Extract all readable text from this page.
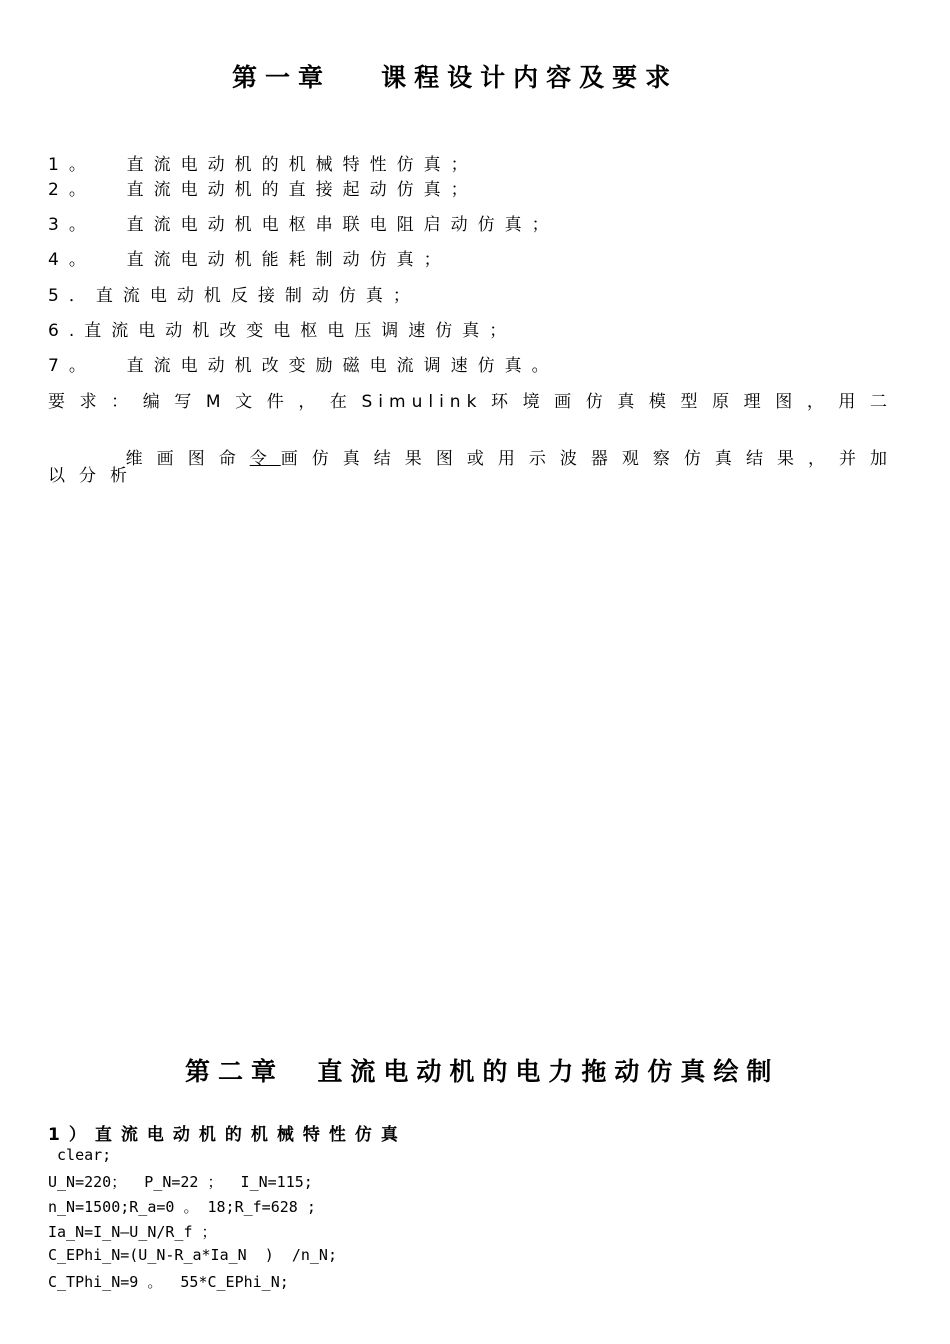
第一章   课程设计内容及要求
1。  直流电动机的机械特性仿真；
2。  直流电动机的直接起动仿真；
3。  直流电动机电枢串联电阻启动仿真；
4。  直流电动机能耗制动仿真；
5．直流电动机反接制动仿真；
6.直流电动机改变电枢电压调速仿真；
7。  直流电动机改变励磁电流调速仿真。
要求：编写M文件，在Simulink环境画仿真模型原理图，用二

维画图命令画仿真结果图或用示波器观察仿真结果，并加

以分析
第二章  直流电动机的电力拖动仿真绘制
1）直流电动机的机械特性仿真
clear;
U_N=220；  P_N=22 ；  I_N=115;
n_N=1500;R_a=0 。 18;R_f=628 ;
Ia_N=I_N—U_N/R_f ；
C_EPhi_N=(U_N-R_a*Ia_N  )  /n_N;
C_TPhi_N=9 。  55*C_EPhi_N;
